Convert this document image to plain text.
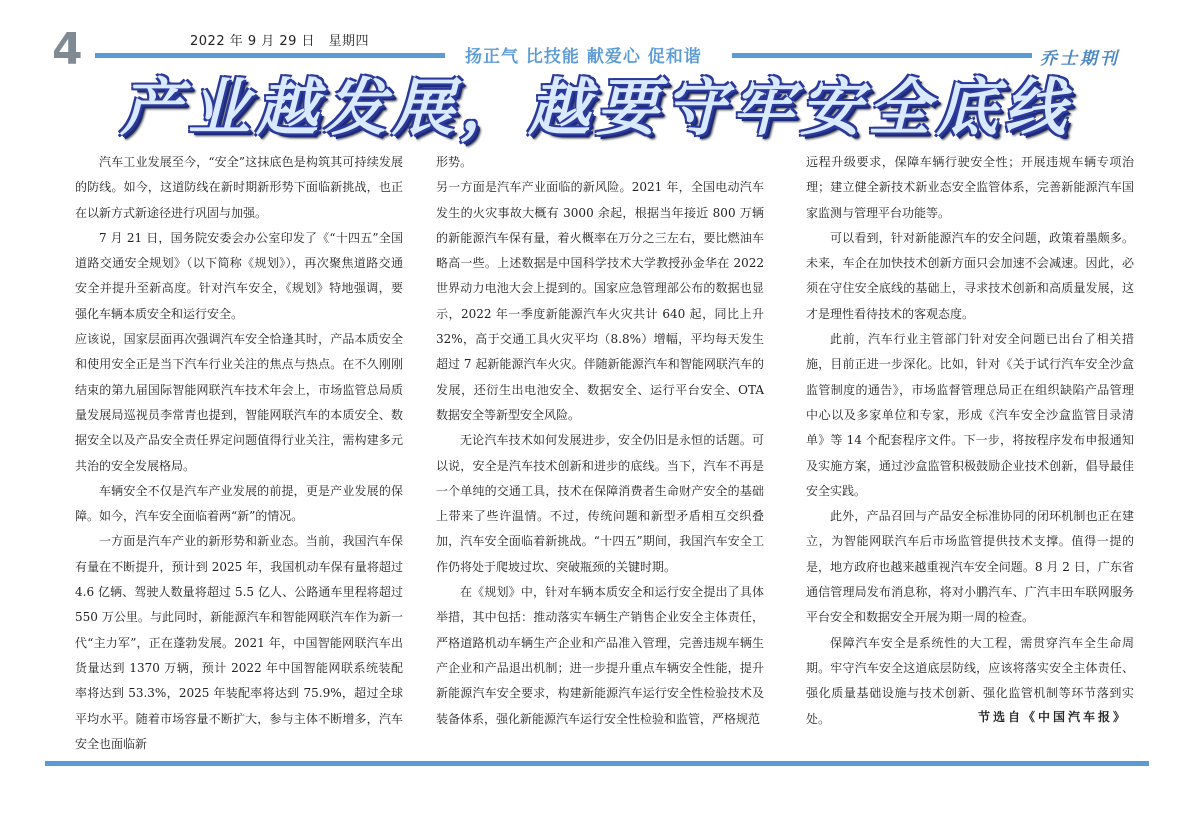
4	2022 年 9 月 29 日　星期四
扬正气 比技能 献爱心 促和谐	乔士期刊
产业越发展，越要守牢安全底线

汽车工业发展至今，“安全”这抹底色是构筑其可持续发展的防线。如今，这道防线在新时期新形势下面临新挑战，也正在以新方式新途径进行巩固与加强。

7 月 21 日，国务院安委会办公室印发了《“十四五”全国道路交通安全规划》（以下简称《规划》），再次聚焦道路交通安全并提升至新高度。针对汽车安全，《规划》特地强调，要强化车辆本质安全和运行安全。

应该说，国家层面再次强调汽车安全恰逢其时，产品本质安全和使用安全正是当下汽车行业关注的焦点与热点。在不久刚刚结束的第九届国际智能网联汽车技术年会上，市场监管总局质量发展局巡视员李常青也提到，智能网联汽车的本质安全、数据安全以及产品安全责任界定问题值得行业关注，需构建多元共治的安全发展格局。

车辆安全不仅是汽车产业发展的前提，更是产业发展的保障。如今，汽车安全面临着两“新”的情况。

一方面是汽车产业的新形势和新业态。当前，我国汽车保有量在不断提升，预计到 2025 年，我国机动车保有量将超过 4.6 亿辆、驾驶人数量将超过 5.5 亿人、公路通车里程将超过 550 万公里。与此同时，新能源汽车和智能网联汽车作为新一代“主力军”，正在蓬勃发展。2021 年，中国智能网联汽车出货量达到 1370 万辆，预计 2022 年中国智能网联系统装配率将达到 53.3%，2025 年装配率将达到 75.9%，超过全球平均水平。随着市场容量不断扩大，参与主体不断增多，汽车安全也面临新

形势。

另一方面是汽车产业面临的新风险。2021 年，全国电动汽车发生的火灾事故大概有 3000 余起，根据当年接近 800 万辆的新能源汽车保有量，着火概率在万分之三左右，要比燃油车略高一些。上述数据是中国科学技术大学教授孙金华在 2022 世界动力电池大会上提到的。国家应急管理部公布的数据也显示，2022 年一季度新能源汽车火灾共计 640 起，同比上升 32%，高于交通工具火灾平均（8.8%）增幅，平均每天发生超过 7 起新能源汽车火灾。伴随新能源汽车和智能网联汽车的发展，还衍生出电池安全、数据安全、运行平台安全、OTA 数据安全等新型安全风险。

无论汽车技术如何发展进步，安全仍旧是永恒的话题。可以说，安全是汽车技术创新和进步的底线。当下，汽车不再是一个单纯的交通工具，技术在保障消费者生命财产安全的基础上带来了些许温情。不过，传统问题和新型矛盾相互交织叠加，汽车安全面临着新挑战。“十四五”期间，我国汽车安全工作仍将处于爬坡过坎、突破瓶颈的关键时期。

在《规划》中，针对车辆本质安全和运行安全提出了具体举措，其中包括：推动落实车辆生产销售企业安全主体责任，严格道路机动车辆生产企业和产品准入管理，完善违规车辆生产企业和产品退出机制；进一步提升重点车辆安全性能，提升新能源汽车安全要求，构建新能源汽车运行安全性检验技术及装备体系，强化新能源汽车运行安全性检验和监管，严格规范

远程升级要求，保障车辆行驶安全性；开展违规车辆专项治理；建立健全新技术新业态安全监管体系，完善新能源汽车国家监测与管理平台功能等。

可以看到，针对新能源汽车的安全问题，政策着墨颇多。未来，车企在加快技术创新方面只会加速不会减速。因此，必须在守住安全底线的基础上，寻求技术创新和高质量发展，这才是理性看待技术的客观态度。

此前，汽车行业主管部门针对安全问题已出台了相关措施，目前正进一步深化。比如，针对《关于试行汽车安全沙盒监管制度的通告》，市场监督管理总局正在组织缺陷产品管理中心以及多家单位和专家，形成《汽车安全沙盒监管目录清单》等 14 个配套程序文件。下一步，将按程序发布申报通知及实施方案，通过沙盒监管积极鼓励企业技术创新，倡导最佳安全实践。

此外，产品召回与产品安全标准协同的闭环机制也正在建立，为智能网联汽车后市场监管提供技术支撑。值得一提的是，地方政府也越来越重视汽车安全问题。8 月 2 日，广东省通信管理局发布消息称，将对小鹏汽车、广汽丰田车联网服务平台安全和数据安全开展为期一周的检查。

保障汽车安全是系统性的大工程，需贯穿汽车全生命周期。牢守汽车安全这道底层防线，应该将落实安全主体责任、强化质量基础设施与技术创新、强化监管机制等环节落到实处。	节选自《中国汽车报》
